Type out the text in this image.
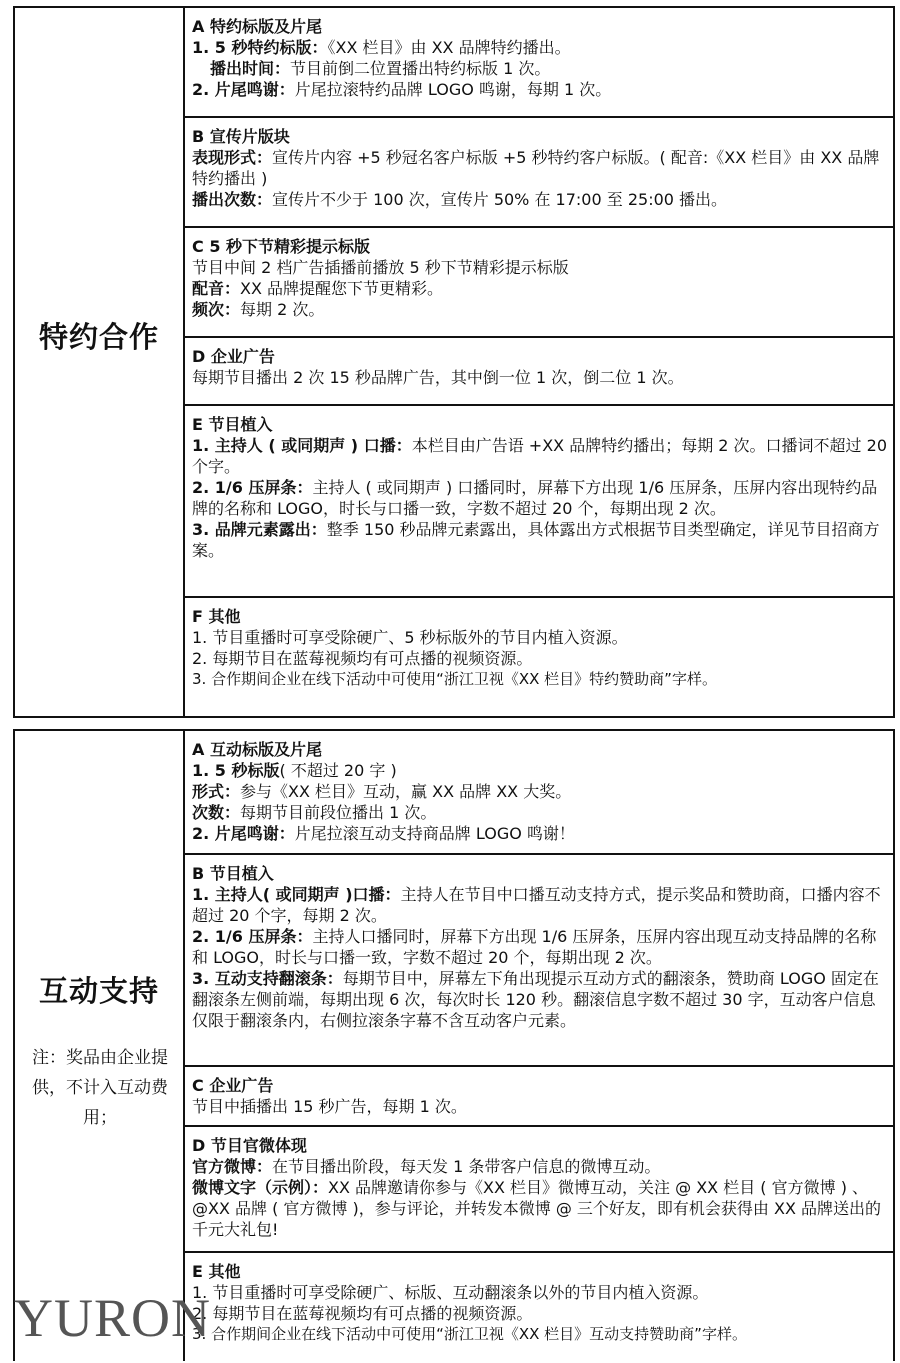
特约合作
A 特约标版及片尾
1. 5 秒特约标版：《XX 栏目》由 XX 品牌特约播出。
播出时间：节目前倒二位置播出特约标版 1 次。
2. 片尾鸣谢：片尾拉滚特约品牌 LOGO 鸣谢，每期 1 次。
B 宣传片版块
表现形式：宣传片内容 +5 秒冠名客户标版 +5 秒特约客户标版。( 配音:《XX 栏目》由 XX 品牌特约播出 )
播出次数：宣传片不少于 100 次，宣传片 50% 在 17:00 至 25:00 播出。
C 5 秒下节精彩提示标版
节目中间 2 档广告插播前播放 5 秒下节精彩提示标版
配音：XX 品牌提醒您下节更精彩。
频次：每期 2 次。
D 企业广告
每期节目播出 2 次 15 秒品牌广告，其中倒一位 1 次，倒二位 1 次。
E 节目植入
1. 主持人 ( 或同期声 ) 口播：本栏目由广告语 +XX 品牌特约播出；每期 2 次。口播词不超过 20 个字。
2. 1/6 压屏条：主持人 ( 或同期声 ) 口播同时，屏幕下方出现 1/6 压屏条，压屏内容出现特约品牌的名称和 LOGO，时长与口播一致，字数不超过 20 个，每期出现 2 次。
3. 品牌元素露出：整季 150 秒品牌元素露出，具体露出方式根据节目类型确定，详见节目招商方案。
F 其他
1. 节目重播时可享受除硬广、5 秒标版外的节目内植入资源。
2. 每期节目在蓝莓视频均有可点播的视频资源。
3. 合作期间企业在线下活动中可使用“浙江卫视《XX 栏目》特约赞助商”字样。
互动支持
注：奖品由企业提供，不计入互动费用；
A 互动标版及片尾
1. 5 秒标版( 不超过 20 字 )
形式：参与《XX 栏目》互动，赢 XX 品牌 XX 大奖。
次数：每期节目前段位播出 1 次。
2. 片尾鸣谢：片尾拉滚互动支持商品牌 LOGO 鸣谢！
B 节目植入
1. 主持人( 或同期声 )口播：主持人在节目中口播互动支持方式，提示奖品和赞助商，口播内容不超过 20 个字，每期 2 次。
2. 1/6 压屏条：主持人口播同时，屏幕下方出现 1/6 压屏条，压屏内容出现互动支持品牌的名称和 LOGO，时长与口播一致，字数不超过 20 个，每期出现 2 次。
3. 互动支持翻滚条：每期节目中，屏幕左下角出现提示互动方式的翻滚条，赞助商 LOGO 固定在翻滚条左侧前端，每期出现 6 次，每次时长 120 秒。翻滚信息字数不超过 30 字，互动客户信息仅限于翻滚条内，右侧拉滚条字幕不含互动客户元素。
C 企业广告
节目中插播出 15 秒广告，每期 1 次。
D 节目官微体现
官方微博：在节目播出阶段，每天发 1 条带客户信息的微博互动。
微博文字（示例）：XX 品牌邀请你参与《XX 栏目》微博互动，关注 @ XX 栏目 ( 官方微博 ) 、@XX 品牌 ( 官方微博 )，参与评论，并转发本微博 @ 三个好友，即有机会获得由 XX 品牌送出的千元大礼包!
E 其他
1. 节目重播时可享受除硬广、标版、互动翻滚条以外的节目内植入资源。
2. 每期节目在蓝莓视频均有可点播的视频资源。
3. 合作期间企业在线下活动中可使用“浙江卫视《XX 栏目》互动支持赞助商”字样。
YURON
